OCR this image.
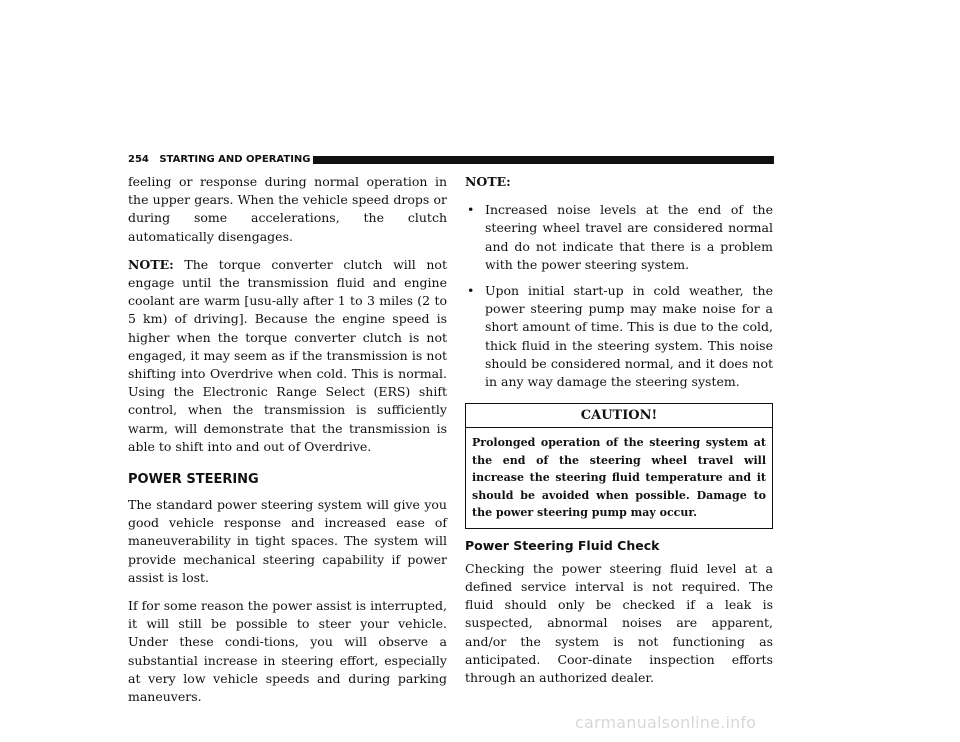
254 STARTING AND OPERATING

feeling or response during normal operation in the upper gears. When the vehicle speed drops or during some accelerations, the clutch automatically disengages.

NOTE: The torque converter clutch will not engage until the transmission fluid and engine coolant are warm [usu-ally after 1 to 3 miles (2 to 5 km) of driving]. Because the engine speed is higher when the torque converter clutch is not engaged, it may seem as if the transmission is not shifting into Overdrive when cold. This is normal. Using the Electronic Range Select (ERS) shift control, when the transmission is sufficiently warm, will demonstrate that the transmission is able to shift into and out of Overdrive.

POWER STEERING

The standard power steering system will give you good vehicle response and increased ease of maneuverability in tight spaces. The system will provide mechanical steering capability if power assist is lost.

If for some reason the power assist is interrupted, it will still be possible to steer your vehicle. Under these condi-tions, you will observe a substantial increase in steering effort, especially at very low vehicle speeds and during parking maneuvers.

NOTE:

• Increased noise levels at the end of the steering wheel travel are considered normal and do not indicate that there is a problem with the power steering system.
• Upon initial start-up in cold weather, the power steering pump may make noise for a short amount of time. This is due to the cold, thick fluid in the steering system. This noise should be considered normal, and it does not in any way damage the steering system.
CAUTION!
Prolonged operation of the steering system at the end of the steering wheel travel will increase the steering fluid temperature and it should be avoided when possible. Damage to the power steering pump may occur.
Power Steering Fluid Check

Checking the power steering fluid level at a defined service interval is not required. The fluid should only be checked if a leak is suspected, abnormal noises are apparent, and/or the system is not functioning as anticipated. Coor-dinate inspection efforts through an authorized dealer.

carmanualsonline.info
